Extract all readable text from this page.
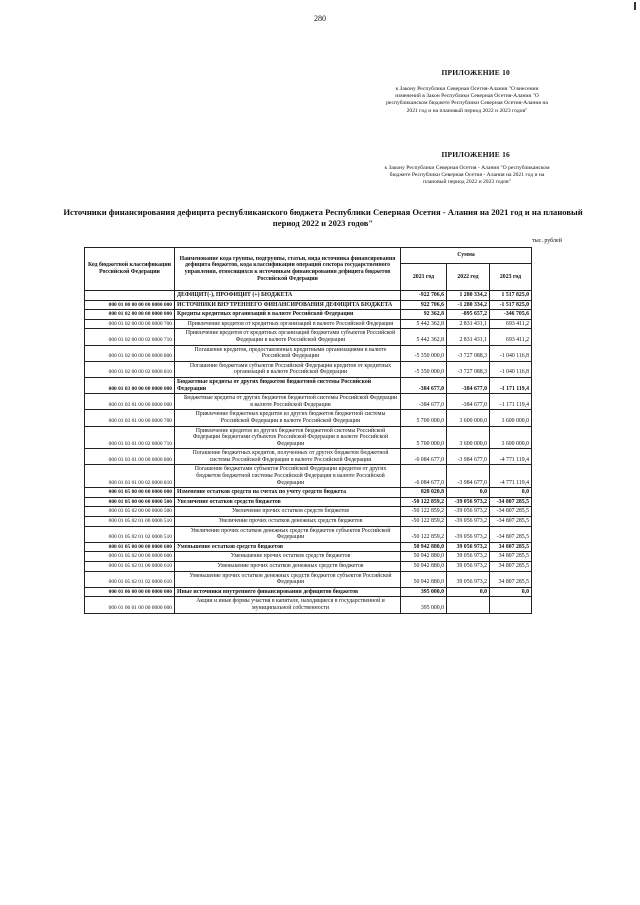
280
ПРИЛОЖЕНИЕ 10
к Закону Республики Северная Осетия-Алания "О внесении изменений в Закон Республики Северная Осетия-Алания "О республиканском бюджете Республики Северная Осетия-Алания на 2021 год и на плановый период 2022 и 2023 годов"
ПРИЛОЖЕНИЕ 16
к Закону Республики Северная Осетия - Алания "О республиканском бюджете Республики Северная Осетия - Алания на 2021 год и на плановый период 2022 и 2023 годов"
Источники финансирования дефицита республиканского бюджета Республики Северная Осетия - Алания на 2021 год и на плановый период 2022 и 2023 годов"
тыс. рублей
Код бюджетной классификации Российской Федерации	Наименование кода группы, подгруппы, статьи, вида источника финансирования дефицита бюджетов, кода классификации операций сектора государственного управления, относящихся к источникам финансирования дефицита бюджетов Российской Федерации	Сумма		
		2021 год	2022 год	2023 год
	ДЕФИЦИТ(-), ПРОФИЦИТ (+) БЮДЖЕТА	-922 706,6	1 280 334,2	1 517 825,0
000 01 00 00 00 00 0000 000	ИСТОЧНИКИ ВНУТРЕННЕГО ФИНАНСИРОВАНИЯ ДЕФИЦИТА БЮДЖЕТА	922 706,6	-1 280 334,2	-1 517 825,0
000 01 02 00 00 00 0000 000	Кредиты кредитных организаций в валюте Российской Федерации	92 362,8	-895 657,2	-346 705,6
000 01 02 00 00 00 0000 700	Привлечение кредитов от кредитных организаций в валюте Российской Федерации	5 442 362,8	2 831 431,1	693 411,2
000 01 02 00 00 02 0000 710	Привлечение кредитов от кредитных организаций бюджетами субъектов Российской Федерации в валюте Российской Федерации	5 442 362,8	2 831 431,1	693 411,2
000 01 02 00 00 00 0000 800	Погашение кредитов, предоставленных кредитными организациями в валюте Российской Федерации	-5 350 000,0	-3 727 088,3	-1 040 116,8
000 01 02 00 00 02 0000 810	Погашение бюджетами субъектов Российской Федерации кредитов от кредитных организаций в валюте Российской Федерации	-5 350 000,0	-3 727 088,3	-1 040 116,8
000 01 03 00 00 00 0000 000	Бюджетные кредиты от других бюджетов бюджетной системы Российской Федерации	-384 677,0	-384 677,0	-1 171 119,4
000 01 03 01 00 00 0000 000	Бюджетные кредиты от других бюджетов бюджетной системы Российской Федерации в валюте Российской Федерации	-384 677,0	-384 677,0	-1 171 119,4
000 01 03 01 00 00 0000 700	Привлечение бюджетных кредитов из других бюджетов бюджетной системы Российской Федерации в валюте Российской Федерации	5 700 000,0	3 600 000,0	3 600 000,0
000 01 03 01 00 02 0000 710	Привлечение кредитов из других бюджетов бюджетной системы Российской Федерации бюджетами субъектов Российской Федерации в валюте Российской Федерации	5 700 000,0	3 600 000,0	3 600 000,0
000 01 03 01 00 00 0000 800	Погашение бюджетных кредитов, полученных от других бюджетов бюджетной системы Российской Федерации в валюте Российской Федерации	-6 084 677,0	-3 984 677,0	-4 771 119,4
000 01 03 01 00 02 0000 810	Погашение бюджетами субъектов Российской Федерации кредитов от других бюджетов бюджетной системы Российской Федерации в валюте Российской Федерации	-6 084 677,0	-3 984 677,0	-4 771 119,4
000 01 05 00 00 00 0000 000	Изменение остатков средств на счетах по учету средств бюджета	820 020,8	0,0	0,0
000 01 05 00 00 00 0000 500	Увеличение остатков средств бюджетов	-50 122 859,2	-39 056 973,2	-34 807 285,5
000 01 05 02 00 00 0000 500	Увеличение прочих остатков средств бюджетов	-50 122 859,2	-39 056 973,2	-34 807 285,5
000 01 05 02 01 00 0000 510	Увеличение прочих остатков денежных средств бюджетов	-50 122 859,2	-39 056 973,2	-34 807 285,5
000 01 05 02 01 02 0000 510	Увеличение прочих остатков денежных средств бюджетов субъектов Российской Федерации	-50 122 859,2	-39 056 973,2	-34 807 285,5
000 01 05 00 00 00 0000 600	Уменьшение остатков средств бюджетов	50 942 880,0	39 056 973,2	34 807 285,5
000 01 05 02 00 00 0000 600	Уменьшение прочих остатков средств бюджетов	50 942 880,0	39 056 973,2	34 807 285,5
000 01 05 02 01 00 0000 610	Уменьшение прочих остатков денежных средств бюджетов	50 942 880,0	39 056 973,2	34 807 285,5
000 01 05 02 01 02 0000 610	Уменьшение прочих остатков денежных средств бюджетов субъектов Российской Федерации	50 942 880,0	39 056 973,2	34 807 285,5
000 01 06 00 00 00 0000 000	Иные источники внутреннего финансирования дефицитов бюджетов	395 000,0	0,0	0,0
000 01 06 01 00 00 0000 000	Акции и иные формы участия в капитале, находящиеся в государственной и муниципальной собственности	395 000,0		
